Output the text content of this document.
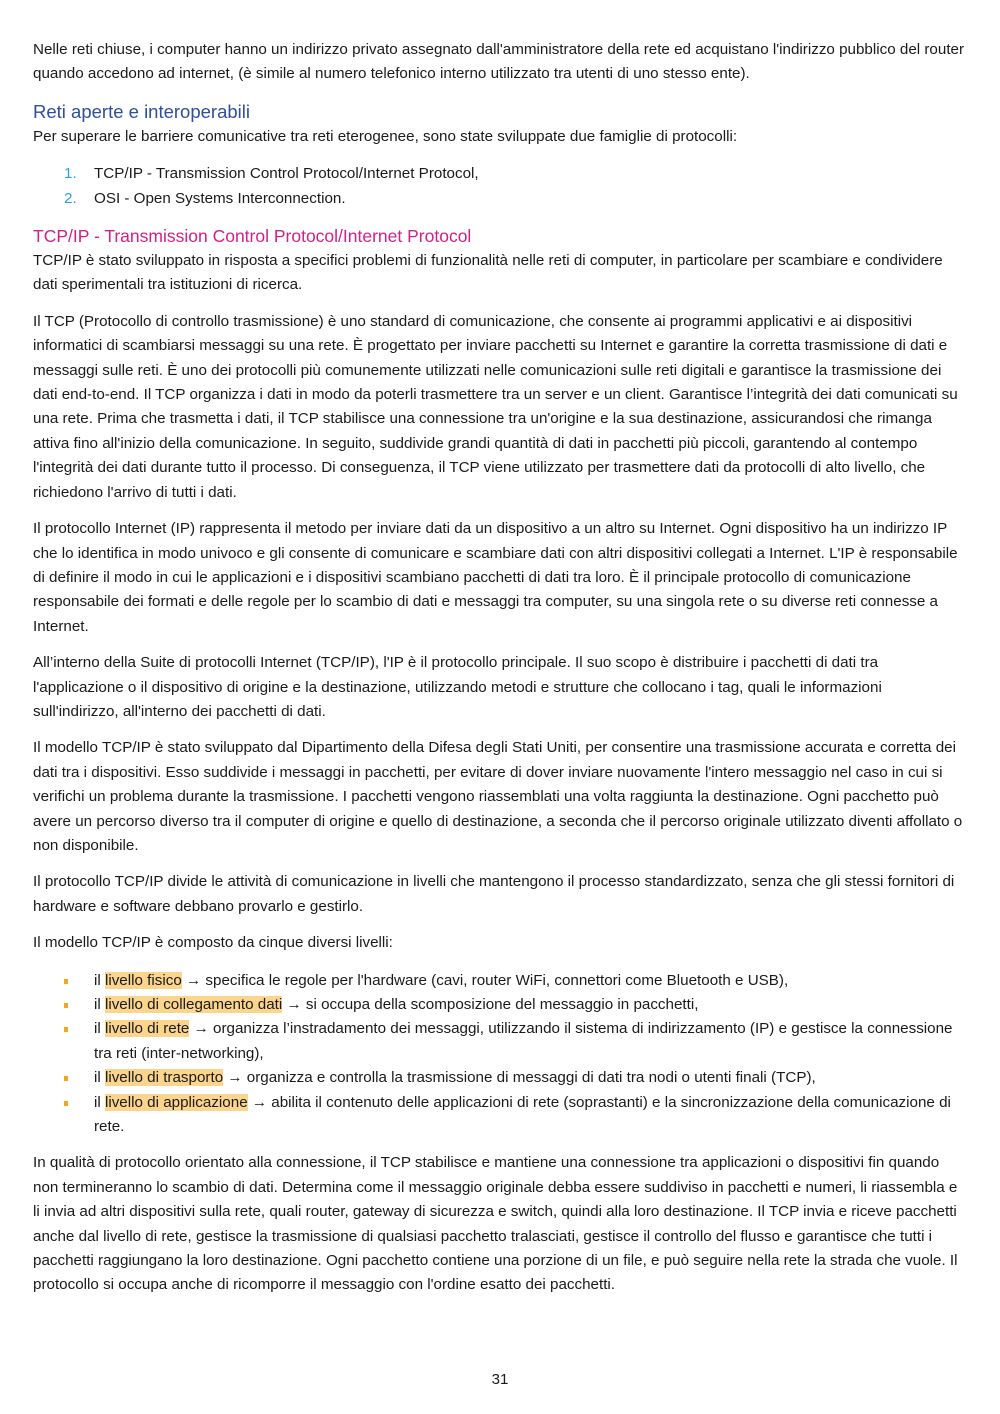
Nelle reti chiuse, i computer hanno un indirizzo privato assegnato dall'amministratore della rete ed acquistano l'indirizzo pubblico del router quando accedono ad internet, (è simile al numero telefonico interno utilizzato tra utenti di uno stesso ente).

Reti aperte e interoperabili

Per superare le barriere comunicative tra reti eterogenee, sono state sviluppate due famiglie di protocolli:

1. TCP/IP - Transmission Control Protocol/Internet Protocol,
2. OSI - Open Systems Interconnection.
TCP/IP - Transmission Control Protocol/Internet Protocol

TCP/IP è stato sviluppato in risposta a specifici problemi di funzionalità nelle reti di computer, in particolare per scambiare e condividere dati sperimentali tra istituzioni di ricerca.

Il TCP (Protocollo di controllo trasmissione) è uno standard di comunicazione, che consente ai programmi applicativi e ai dispositivi informatici di scambiarsi messaggi su una rete. È progettato per inviare pacchetti su Internet e garantire la corretta trasmissione di dati e messaggi sulle reti. È uno dei protocolli più comunemente utilizzati nelle comunicazioni sulle reti digitali e garantisce la trasmissione dei dati end-to-end. Il TCP organizza i dati in modo da poterli trasmettere tra un server e un client. Garantisce l’integrità dei dati comunicati su una rete. Prima che trasmetta i dati, il TCP stabilisce una connessione tra un'origine e la sua destinazione, assicurandosi che rimanga attiva fino all'inizio della comunicazione. In seguito, suddivide grandi quantità di dati in pacchetti più piccoli, garantendo al contempo l'integrità dei dati durante tutto il processo. Di conseguenza, il TCP viene utilizzato per trasmettere dati da protocolli di alto livello, che richiedono l'arrivo di tutti i dati.

Il protocollo Internet (IP) rappresenta il metodo per inviare dati da un dispositivo a un altro su Internet. Ogni dispositivo ha un indirizzo IP che lo identifica in modo univoco e gli consente di comunicare e scambiare dati con altri dispositivi collegati a Internet. L'IP è responsabile di definire il modo in cui le applicazioni e i dispositivi scambiano pacchetti di dati tra loro. È il principale protocollo di comunicazione responsabile dei formati e delle regole per lo scambio di dati e messaggi tra computer, su una singola rete o su diverse reti connesse a Internet.

All’interno della Suite di protocolli Internet (TCP/IP), l'IP è il protocollo principale. Il suo scopo è distribuire i pacchetti di dati tra l'applicazione o il dispositivo di origine e la destinazione, utilizzando metodi e strutture che collocano i tag, quali le informazioni sull'indirizzo, all'interno dei pacchetti di dati.

Il modello TCP/IP è stato sviluppato dal Dipartimento della Difesa degli Stati Uniti, per consentire una trasmissione accurata e corretta dei dati tra i dispositivi. Esso suddivide i messaggi in pacchetti, per evitare di dover inviare nuovamente l'intero messaggio nel caso in cui si verifichi un problema durante la trasmissione. I pacchetti vengono riassemblati una volta raggiunta la destinazione. Ogni pacchetto può avere un percorso diverso tra il computer di origine e quello di destinazione, a seconda che il percorso originale utilizzato diventi affollato o non disponibile.

Il protocollo TCP/IP divide le attività di comunicazione in livelli che mantengono il processo standardizzato, senza che gli stessi fornitori di hardware e software debbano provarlo e gestirlo.

Il modello TCP/IP è composto da cinque diversi livelli:

il livello fisico → specifica le regole per l'hardware (cavi, router WiFi, connettori come Bluetooth e USB),
il livello di collegamento dati → si occupa della scomposizione del messaggio in pacchetti,
il livello di rete → organizza l’instradamento dei messaggi, utilizzando il sistema di indirizzamento (IP) e gestisce la connessione tra reti (inter-networking),
il livello di trasporto → organizza e controlla la trasmissione di messaggi di dati tra nodi o utenti finali (TCP),
il livello di applicazione → abilita il contenuto delle applicazioni di rete (soprastanti) e la sincronizzazione della comunicazione di rete.

In qualità di protocollo orientato alla connessione, il TCP stabilisce e mantiene una connessione tra applicazioni o dispositivi fin quando non termineranno lo scambio di dati. Determina come il messaggio originale debba essere suddiviso in pacchetti e numeri, li riassembla e li invia ad altri dispositivi sulla rete, quali router, gateway di sicurezza e switch, quindi alla loro destinazione. Il TCP invia e riceve pacchetti anche dal livello di rete, gestisce la trasmissione di qualsiasi pacchetto tralasciati, gestisce il controllo del flusso e garantisce che tutti i pacchetti raggiungano la loro destinazione. Ogni pacchetto contiene una porzione di un file, e può seguire nella rete la strada che vuole. Il protocollo si occupa anche di ricomporre il messaggio con l'ordine esatto dei pacchetti.

31
